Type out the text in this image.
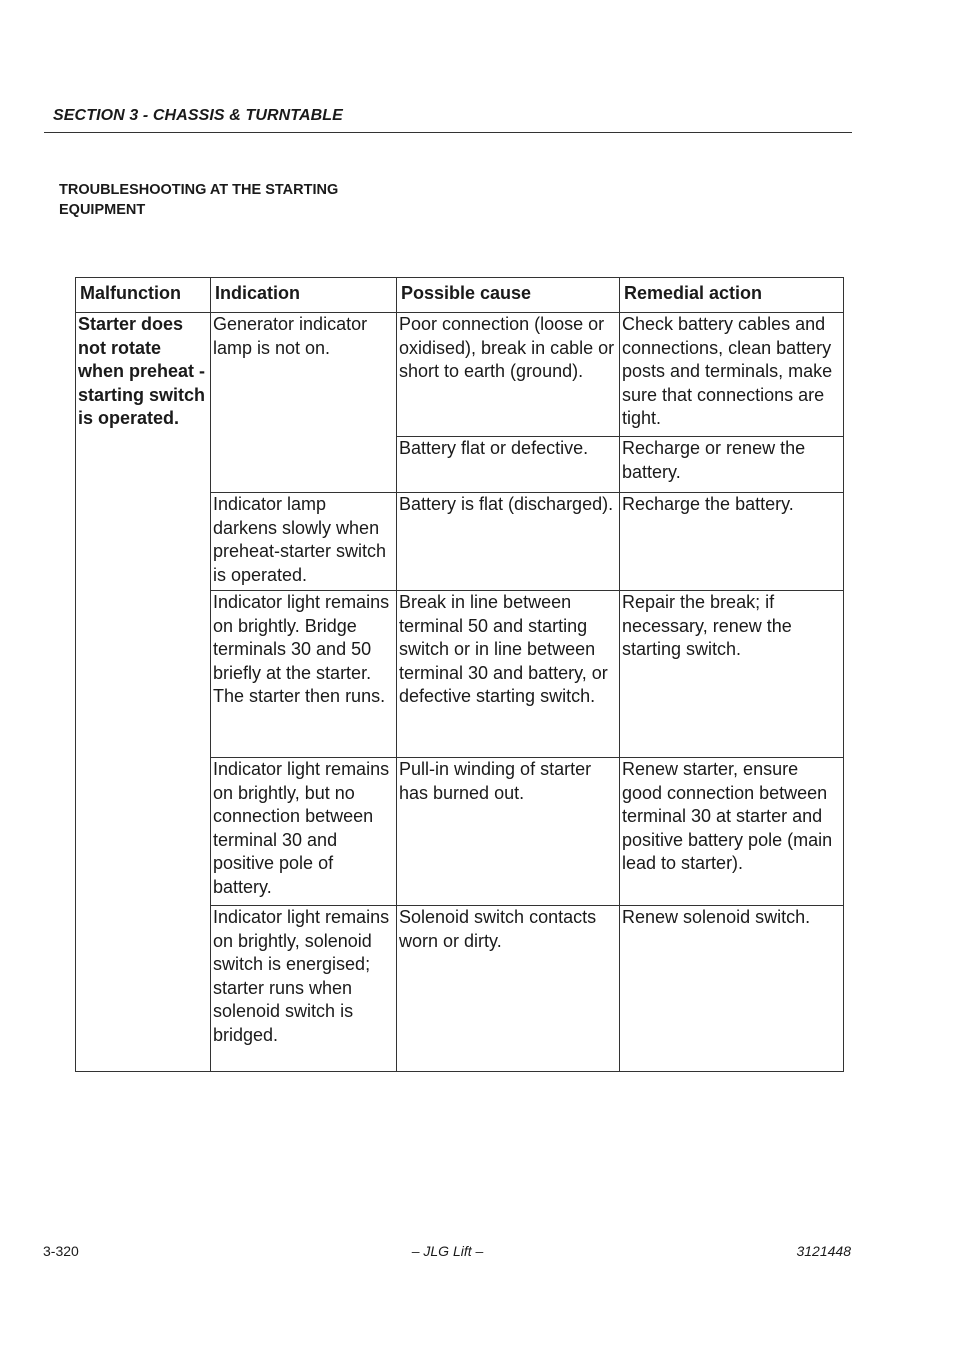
SECTION 3 - CHASSIS & TURNTABLE
TROUBLESHOOTING AT THE STARTING EQUIPMENT
Malfunction	Indication	Possible cause	Remedial action
Starter does not rotate when preheat - starting switch is operated.	Generator indicator lamp is not on.	Poor connection (loose or oxidised), break in cable or short to earth (ground).	Check battery cables and connections, clean battery posts and terminals, make sure that connections are tight.
		Battery flat or defective.	Recharge or renew the battery.
	Indicator lamp darkens slowly when preheat-starter switch is operated.	Battery is flat (discharged).	Recharge the battery.
	Indicator light remains on brightly. Bridge terminals 30 and 50 briefly at the starter. The starter then runs.	Break in line between terminal 50 and starting switch or in line between terminal 30 and battery, or defective starting switch.	Repair the break; if necessary, renew the starting switch.
	Indicator light remains on brightly, but no connection between terminal 30 and positive pole of battery.	Pull-in winding of starter has burned out.	Renew starter, ensure good connection between terminal 30 at starter and positive battery pole (main lead to starter).
	Indicator light remains on brightly, solenoid switch is energised; starter runs when solenoid switch is bridged.	Solenoid switch contacts worn or dirty.	Renew solenoid switch.
3-320	– JLG Lift –	3121448
